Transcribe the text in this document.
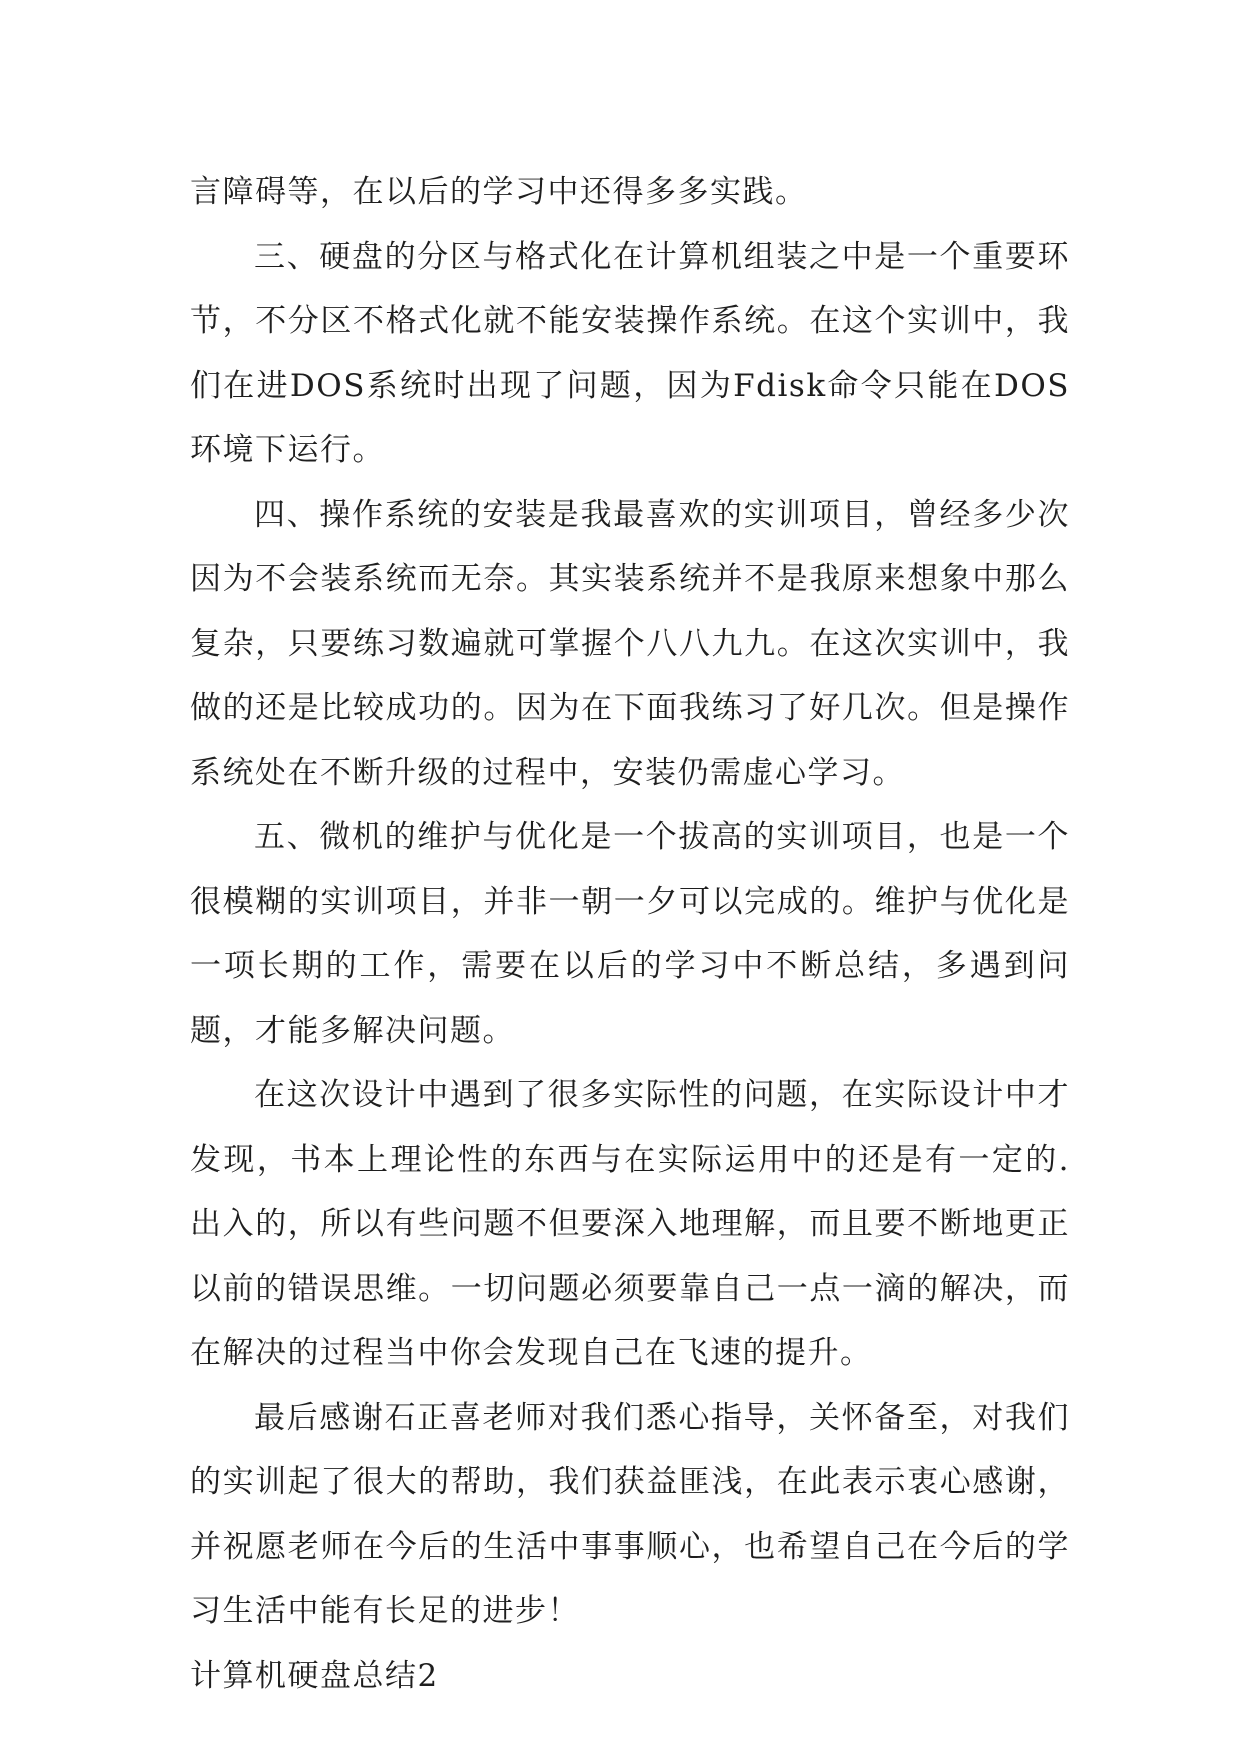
言障碍等，在以后的学习中还得多多实践。

三、硬盘的分区与格式化在计算机组装之中是一个重要环节，不分区不格式化就不能安装操作系统。在这个实训中，我们在进DOS系统时出现了问题，因为Fdisk命令只能在DOS环境下运行。

四、操作系统的安装是我最喜欢的实训项目，曾经多少次因为不会装系统而无奈。其实装系统并不是我原来想象中那么复杂，只要练习数遍就可掌握个八八九九。在这次实训中，我做的还是比较成功的。因为在下面我练习了好几次。但是操作系统处在不断升级的过程中，安装仍需虚心学习。

五、微机的维护与优化是一个拔高的实训项目，也是一个很模糊的实训项目，并非一朝一夕可以完成的。维护与优化是一项长期的工作，需要在以后的学习中不断总结，多遇到问题，才能多解决问题。

在这次设计中遇到了很多实际性的问题，在实际设计中才发现，书本上理论性的东西与在实际运用中的还是有一定的.出入的，所以有些问题不但要深入地理解，而且要不断地更正以前的错误思维。一切问题必须要靠自己一点一滴的解决，而在解决的过程当中你会发现自己在飞速的提升。

最后感谢石正喜老师对我们悉心指导，关怀备至，对我们的实训起了很大的帮助，我们获益匪浅，在此表示衷心感谢，并祝愿老师在今后的生活中事事顺心，也希望自己在今后的学习生活中能有长足的进步！

计算机硬盘总结2
